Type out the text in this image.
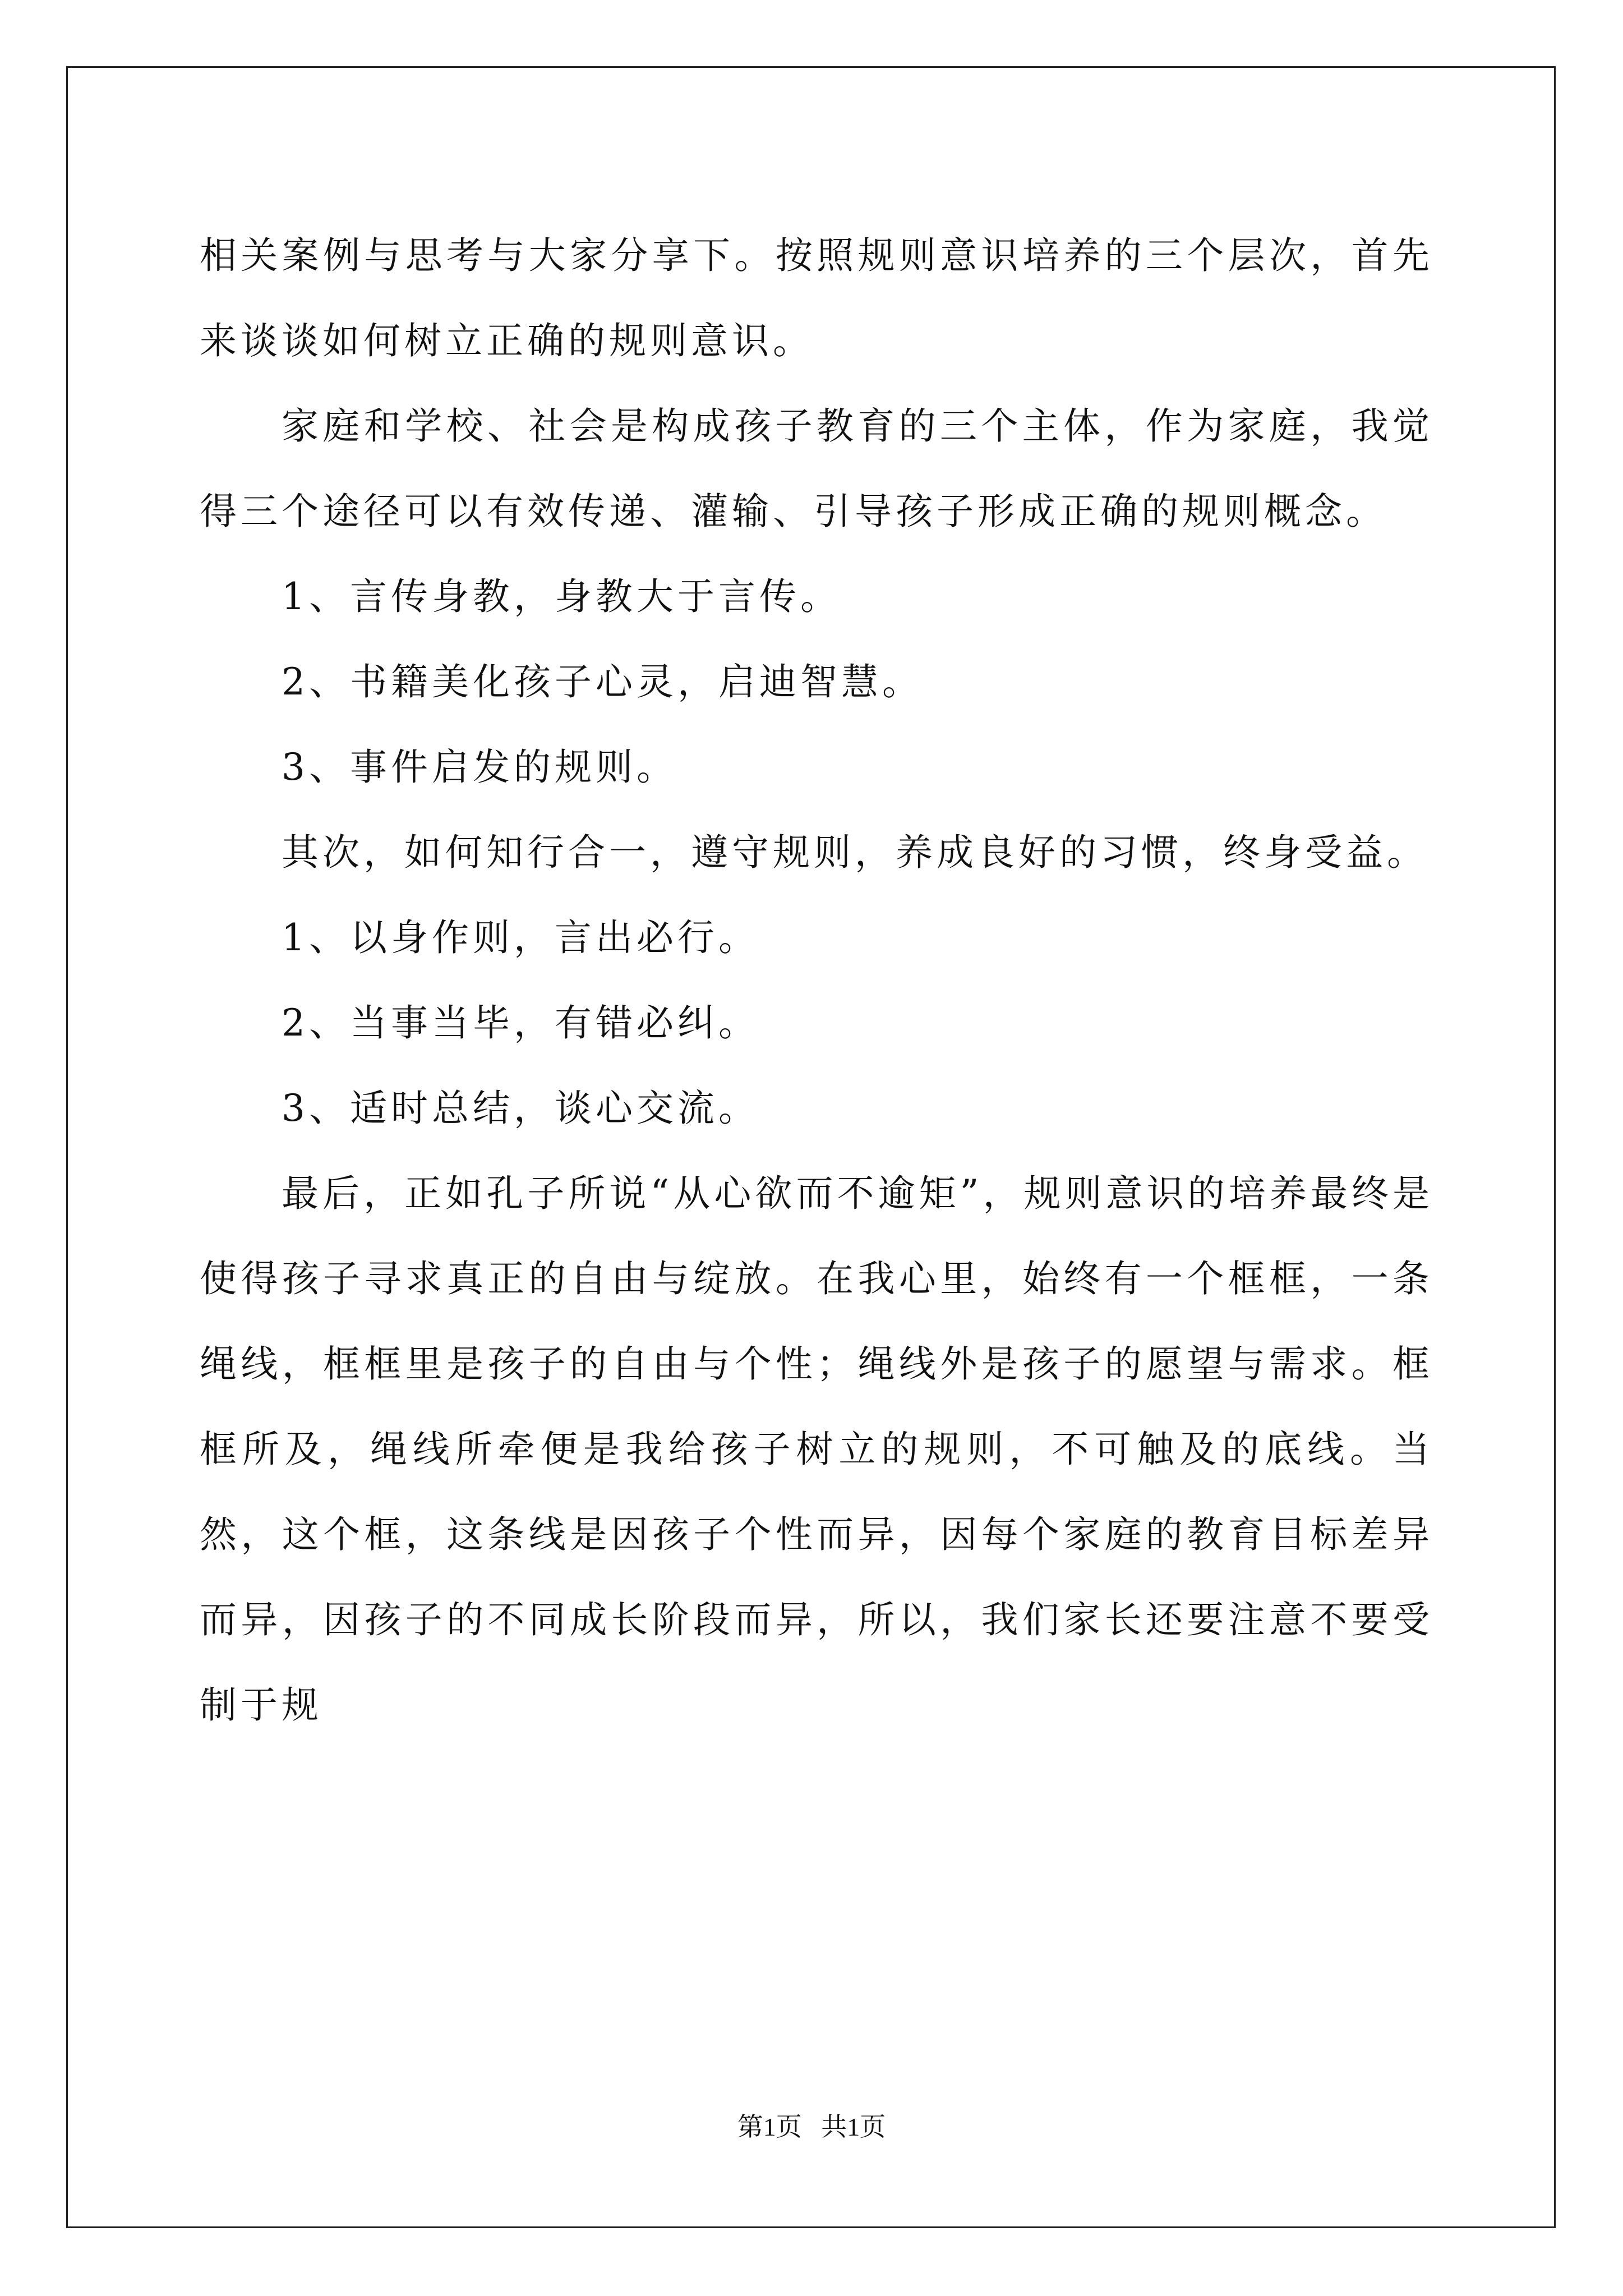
相关案例与思考与大家分享下。按照规则意识培养的三个层次，首先来谈谈如何树立正确的规则意识。

家庭和学校、社会是构成孩子教育的三个主体，作为家庭，我觉得三个途径可以有效传递、灌输、引导孩子形成正确的规则概念。

1、言传身教，身教大于言传。

2、书籍美化孩子心灵，启迪智慧。

3、事件启发的规则。

其次，如何知行合一，遵守规则，养成良好的习惯，终身受益。

1、以身作则，言出必行。

2、当事当毕，有错必纠。

3、适时总结，谈心交流。

最后，正如孔子所说“从心欲而不逾矩”，规则意识的培养最终是使得孩子寻求真正的自由与绽放。在我心里，始终有一个框框，一条绳线，框框里是孩子的自由与个性；绳线外是孩子的愿望与需求。框框所及，绳线所牵便是我给孩子树立的规则，不可触及的底线。当然，这个框，这条线是因孩子个性而异，因每个家庭的教育目标差异而异，因孩子的不同成长阶段而异，所以，我们家长还要注意不要受制于规

第1页 共1页
